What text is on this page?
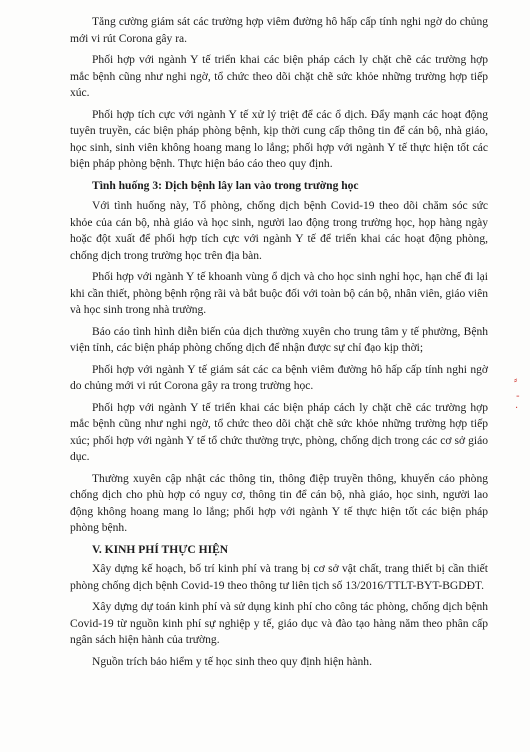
Tăng cường giám sát các trường hợp viêm đường hô hấp cấp tính nghi ngờ do chủng mới vi rút Corona gây ra.

Phối hợp với ngành Y tế triển khai các biện pháp cách ly chặt chẽ các trường hợp mắc bệnh cũng như nghi ngờ, tổ chức theo dõi chặt chẽ sức khỏe những trường hợp tiếp xúc.

Phối hợp tích cực với ngành Y tế xử lý triệt để các ổ dịch. Đẩy mạnh các hoạt động tuyên truyền, các biện pháp phòng bệnh, kịp thời cung cấp thông tin để cán bộ, nhà giáo, học sinh, sinh viên không hoang mang lo lắng; phối hợp với ngành Y tế thực hiện tốt các biện pháp phòng bệnh. Thực hiện báo cáo theo quy định.

Tình huống 3: Dịch bệnh lây lan vào trong trường học

Với tình huống này, Tổ phòng, chống dịch bệnh Covid-19 theo dõi chăm sóc sức khỏe của cán bộ, nhà giáo và học sinh, người lao động trong trường học, họp hàng ngày hoặc đột xuất để phối hợp tích cực với ngành Y tế để triển khai các hoạt động phòng, chống dịch trong trường học trên địa bàn.

Phối hợp với ngành Y tế khoanh vùng ổ dịch và cho học sinh nghỉ học, hạn chế đi lại khi cần thiết, phòng bệnh rộng rãi và bắt buộc đối với toàn bộ cán bộ, nhân viên, giáo viên và học sinh trong nhà trường.

Báo cáo tình hình diễn biến của dịch thường xuyên cho trung tâm y tế phường, Bệnh viện tỉnh, các biện pháp phòng chống dịch để nhận được sự chỉ đạo kịp thời;

Phối hợp với ngành Y tế giám sát các ca bệnh viêm đường hô hấp cấp tính nghi ngờ do chủng mới vi rút Corona gây ra trong trường học.

Phối hợp với ngành Y tế triển khai các biện pháp cách ly chặt chẽ các trường hợp mắc bệnh cũng như nghi ngờ, tổ chức theo dõi chặt chẽ sức khỏe những trường hợp tiếp xúc; phối hợp với ngành Y tế tổ chức thường trực, phòng, chống dịch trong các cơ sở giáo dục.

Thường xuyên cập nhật các thông tin, thông điệp truyền thông, khuyến cáo phòng chống dịch cho phù hợp có nguy cơ, thông tin để cán bộ, nhà giáo, học sinh, người lao động không hoang mang lo lắng; phối hợp với ngành Y tế thực hiện tốt các biện pháp phòng bệnh.

V. KINH PHÍ THỰC HIỆN

Xây dựng kế hoạch, bố trí kinh phí và trang bị cơ sở vật chất, trang thiết bị cần thiết phòng chống dịch bệnh Covid-19 theo thông tư liên tịch số 13/2016/TTLT-BYT-BGDĐT.

Xây dựng dự toán kinh phí và sử dụng kinh phí cho công tác phòng, chống dịch bệnh Covid-19 từ nguồn kinh phí sự nghiệp y tế, giáo dục và đào tạo hàng năm theo phân cấp ngân sách hiện hành của trường.

Nguồn trích bảo hiểm y tế học sinh theo quy định hiện hành.

⸗
-
·
